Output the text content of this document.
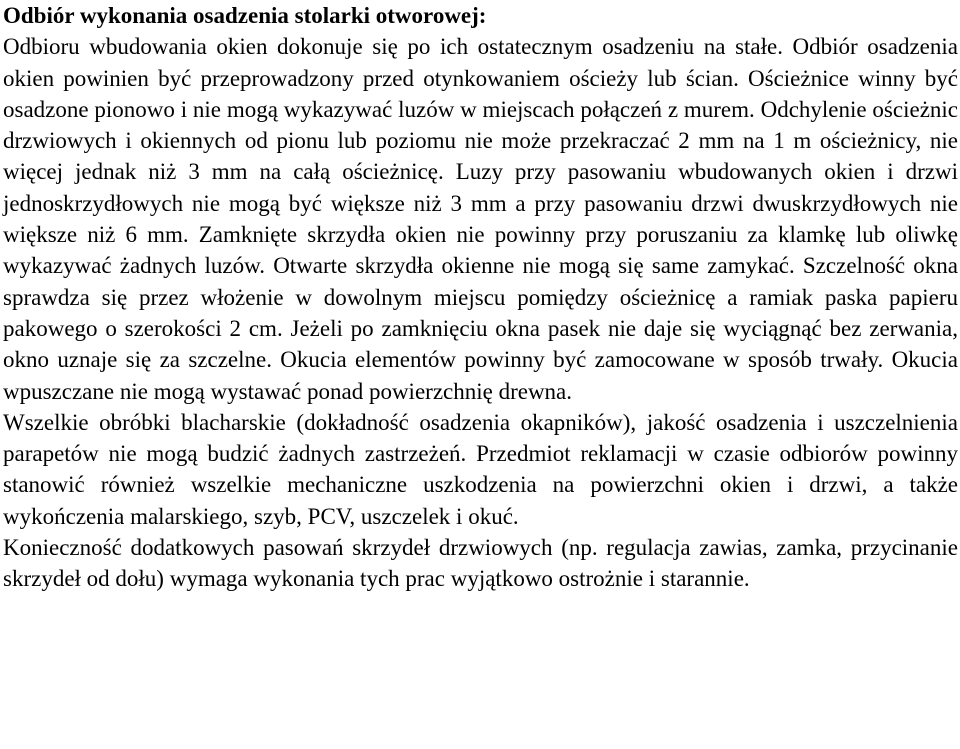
Odbiór wykonania osadzenia stolarki otworowej:

Odbioru wbudowania okien dokonuje się po ich ostatecznym osadzeniu na stałe. Odbiór osadzenia okien powinien być przeprowadzony przed otynkowaniem ościeży lub ścian. Ościeżnice winny być osadzone pionowo i nie mogą wykazywać luzów w miejscach połączeń z murem. Odchylenie ościeżnic drzwiowych i okiennych od pionu lub poziomu nie może przekraczać 2 mm na 1 m ościeżnicy, nie więcej jednak niż 3 mm na całą ościeżnicę. Luzy przy pasowaniu wbudowanych okien i drzwi jednoskrzydłowych nie mogą być większe niż 3 mm a przy pasowaniu drzwi dwuskrzydłowych nie większe niż 6 mm. Zamknięte skrzydła okien nie powinny przy poruszaniu za klamkę lub oliwkę wykazywać żadnych luzów. Otwarte skrzydła okienne nie mogą się same zamykać. Szczelność okna sprawdza się przez włożenie w dowolnym miejscu pomiędzy ościeżnicę a ramiak paska papieru pakowego o szerokości 2 cm. Jeżeli po zamknięciu okna pasek nie daje się wyciągnąć bez zerwania, okno uznaje się za szczelne. Okucia elementów powinny być zamocowane w sposób trwały. Okucia wpuszczane nie mogą wystawać ponad powierzchnię drewna.

Wszelkie obróbki blacharskie (dokładność osadzenia okapników), jakość osadzenia i uszczelnienia parapetów nie mogą budzić żadnych zastrzeżeń. Przedmiot reklamacji w czasie odbiorów powinny stanowić również wszelkie mechaniczne uszkodzenia na powierzchni okien i drzwi, a także wykończenia malarskiego, szyb, PCV, uszczelek i okuć.

Konieczność dodatkowych pasowań skrzydeł drzwiowych (np. regulacja zawias, zamka, przycinanie skrzydeł od dołu) wymaga wykonania tych prac wyjątkowo ostrożnie i starannie.
